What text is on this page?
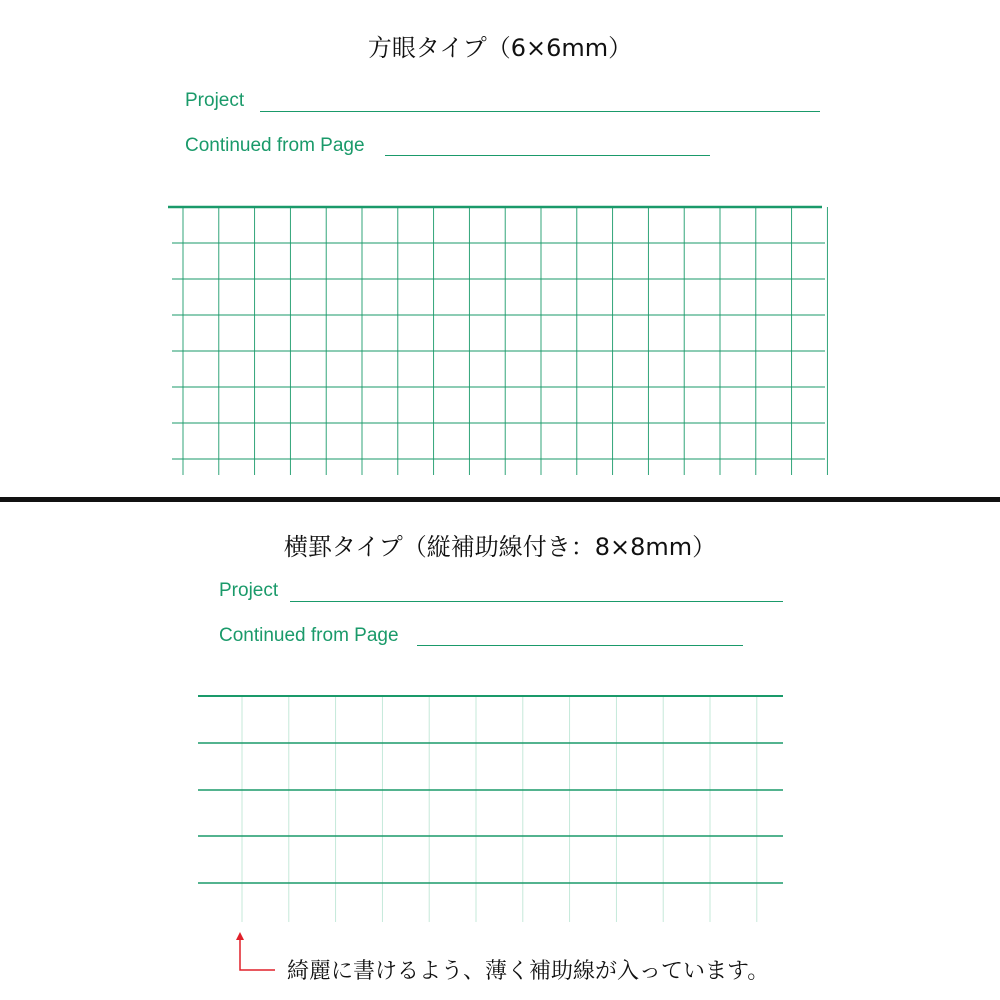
方眼タイプ（6×6mm）
Project
Continued from Page
横罫タイプ（縦補助線付き：8×8mm）
Project
Continued from Page
綺麗に書けるよう、薄く補助線が入っています。
